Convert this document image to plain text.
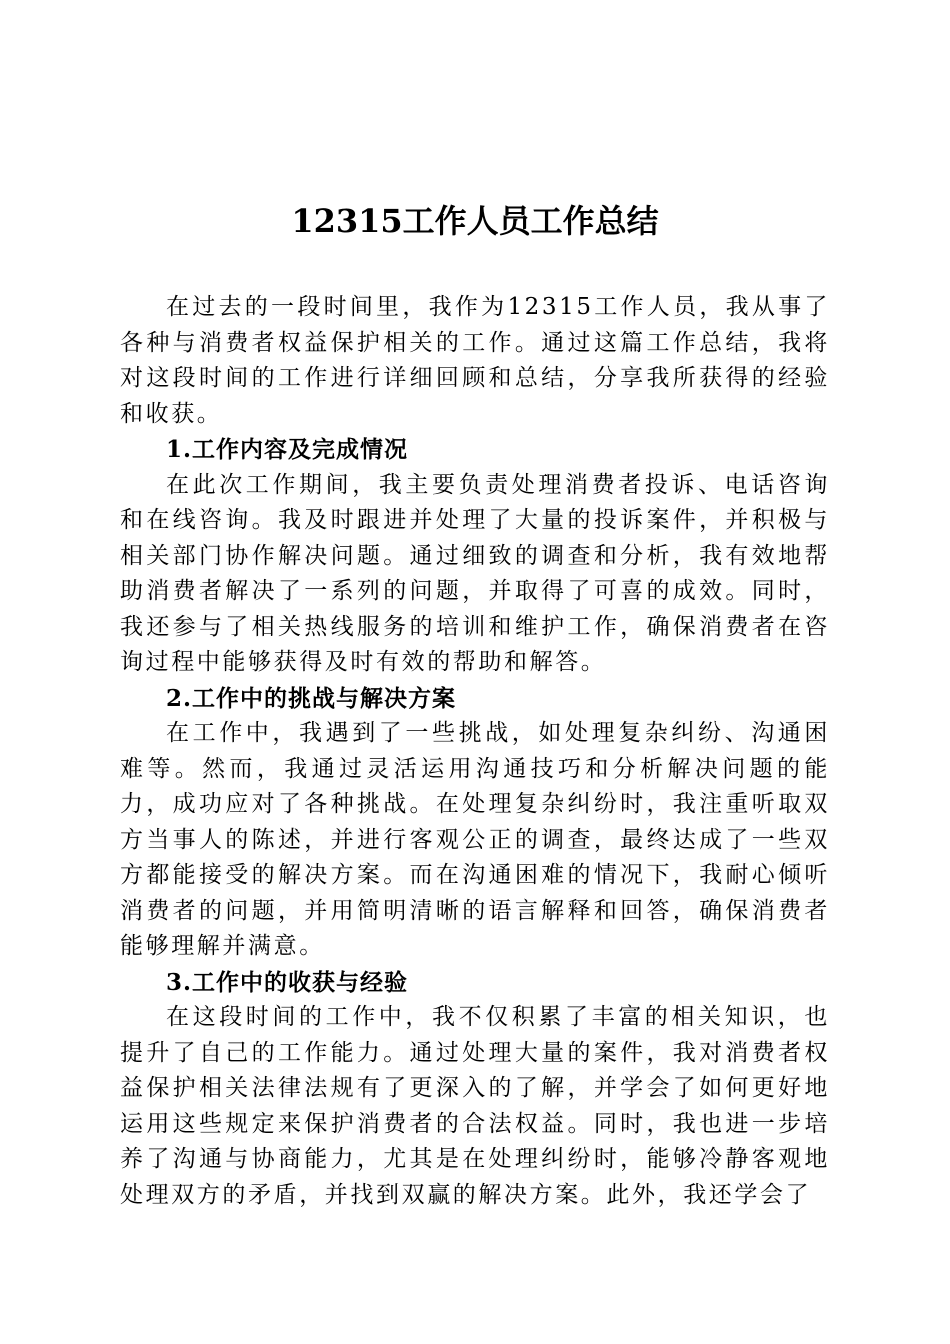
12315工作人员工作总结

在过去的一段时间里，我作为12315工作人员，我从事了各种与消费者权益保护相关的工作。通过这篇工作总结，我将对这段时间的工作进行详细回顾和总结，分享我所获得的经验和收获。

1.工作内容及完成情况

在此次工作期间，我主要负责处理消费者投诉、电话咨询和在线咨询。我及时跟进并处理了大量的投诉案件，并积极与相关部门协作解决问题。通过细致的调查和分析，我有效地帮助消费者解决了一系列的问题，并取得了可喜的成效。同时，我还参与了相关热线服务的培训和维护工作，确保消费者在咨询过程中能够获得及时有效的帮助和解答。

2.工作中的挑战与解决方案

在工作中，我遇到了一些挑战，如处理复杂纠纷、沟通困难等。然而，我通过灵活运用沟通技巧和分析解决问题的能力，成功应对了各种挑战。在处理复杂纠纷时，我注重听取双方当事人的陈述，并进行客观公正的调查，最终达成了一些双方都能接受的解决方案。而在沟通困难的情况下，我耐心倾听消费者的问题，并用简明清晰的语言解释和回答，确保消费者能够理解并满意。

3.工作中的收获与经验

在这段时间的工作中，我不仅积累了丰富的相关知识，也提升了自己的工作能力。通过处理大量的案件，我对消费者权益保护相关法律法规有了更深入的了解，并学会了如何更好地运用这些规定来保护消费者的合法权益。同时，我也进一步培养了沟通与协商能力，尤其是在处理纠纷时，能够冷静客观地处理双方的矛盾，并找到双赢的解决方案。此外，我还学会了
